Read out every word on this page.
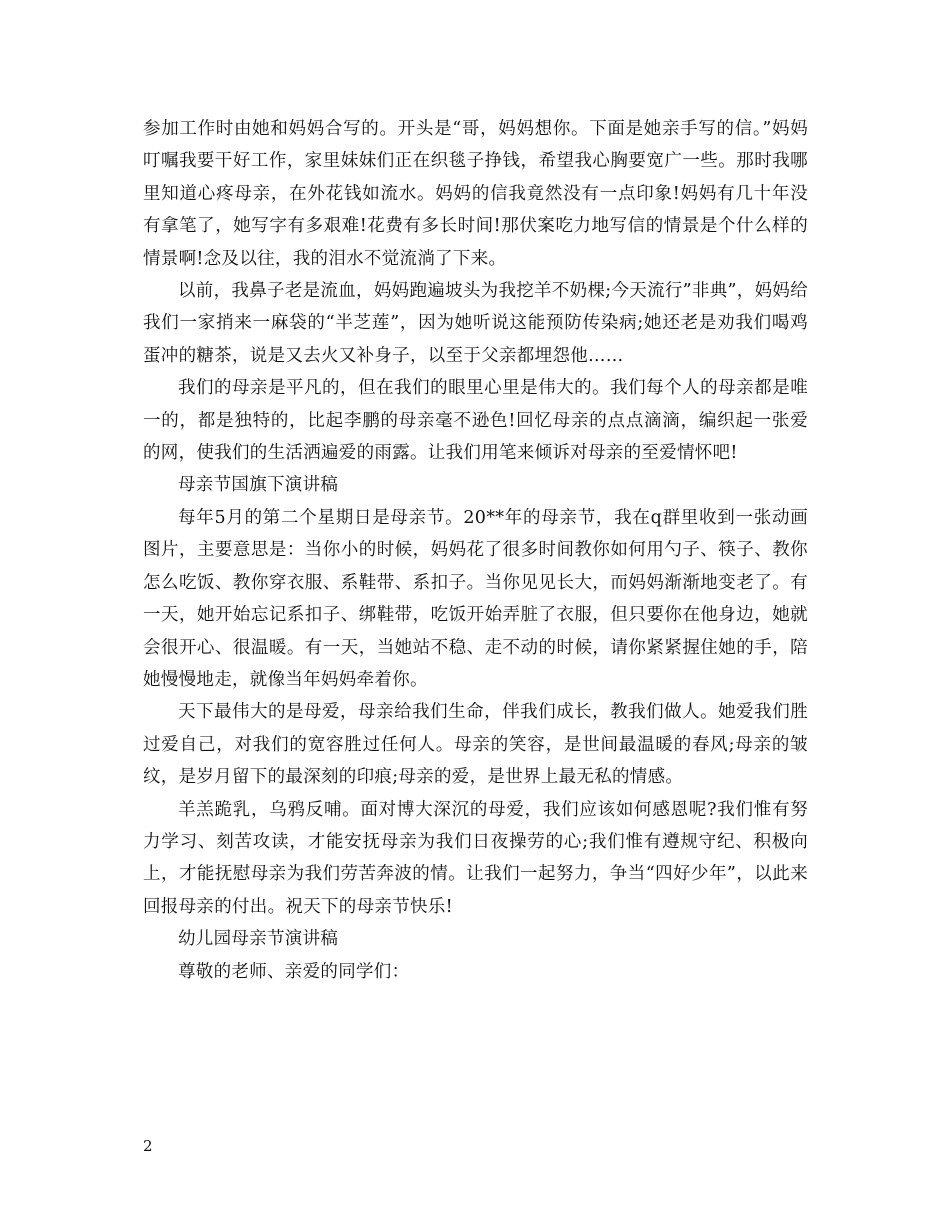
参加工作时由她和妈妈合写的。开头是“哥，妈妈想你。下面是她亲手写的信。”妈妈叮嘱我要干好工作，家里妹妹们正在织毯子挣钱，希望我心胸要宽广一些。那时我哪里知道心疼母亲，在外花钱如流水。妈妈的信我竟然没有一点印象!妈妈有几十年没有拿笔了，她写字有多艰难!花费有多长时间!那伏案吃力地写信的情景是个什么样的情景啊!念及以往，我的泪水不觉流淌了下来。

以前，我鼻子老是流血，妈妈跑遍坡头为我挖羊不奶棵;今天流行”非典”，妈妈给我们一家捎来一麻袋的“半芝莲”，因为她听说这能预防传染病;她还老是劝我们喝鸡蛋冲的糖茶，说是又去火又补身子，以至于父亲都埋怨他……

我们的母亲是平凡的，但在我们的眼里心里是伟大的。我们每个人的母亲都是唯一的，都是独特的，比起李鹏的母亲毫不逊色!回忆母亲的点点滴滴，编织起一张爱的网，使我们的生活洒遍爱的雨露。让我们用笔来倾诉对母亲的至爱情怀吧!

母亲节国旗下演讲稿

每年5月的第二个星期日是母亲节。20**年的母亲节，我在q群里收到一张动画图片，主要意思是：当你小的时候，妈妈花了很多时间教你如何用勺子、筷子、教你怎么吃饭、教你穿衣服、系鞋带、系扣子。当你见见长大，而妈妈渐渐地变老了。有一天，她开始忘记系扣子、绑鞋带，吃饭开始弄脏了衣服，但只要你在他身边，她就会很开心、很温暖。有一天，当她站不稳、走不动的时候，请你紧紧握住她的手，陪她慢慢地走，就像当年妈妈牵着你。

天下最伟大的是母爱，母亲给我们生命，伴我们成长，教我们做人。她爱我们胜过爱自己，对我们的宽容胜过任何人。母亲的笑容，是世间最温暖的春风;母亲的皱纹，是岁月留下的最深刻的印痕;母亲的爱，是世界上最无私的情感。

羊羔跪乳，乌鸦反哺。面对博大深沉的母爱，我们应该如何感恩呢?我们惟有努力学习、刻苦攻读，才能安抚母亲为我们日夜操劳的心;我们惟有遵规守纪、积极向上，才能抚慰母亲为我们劳苦奔波的情。让我们一起努力，争当“四好少年”，以此来回报母亲的付出。祝天下的母亲节快乐!

幼儿园母亲节演讲稿

尊敬的老师、亲爱的同学们：

2
